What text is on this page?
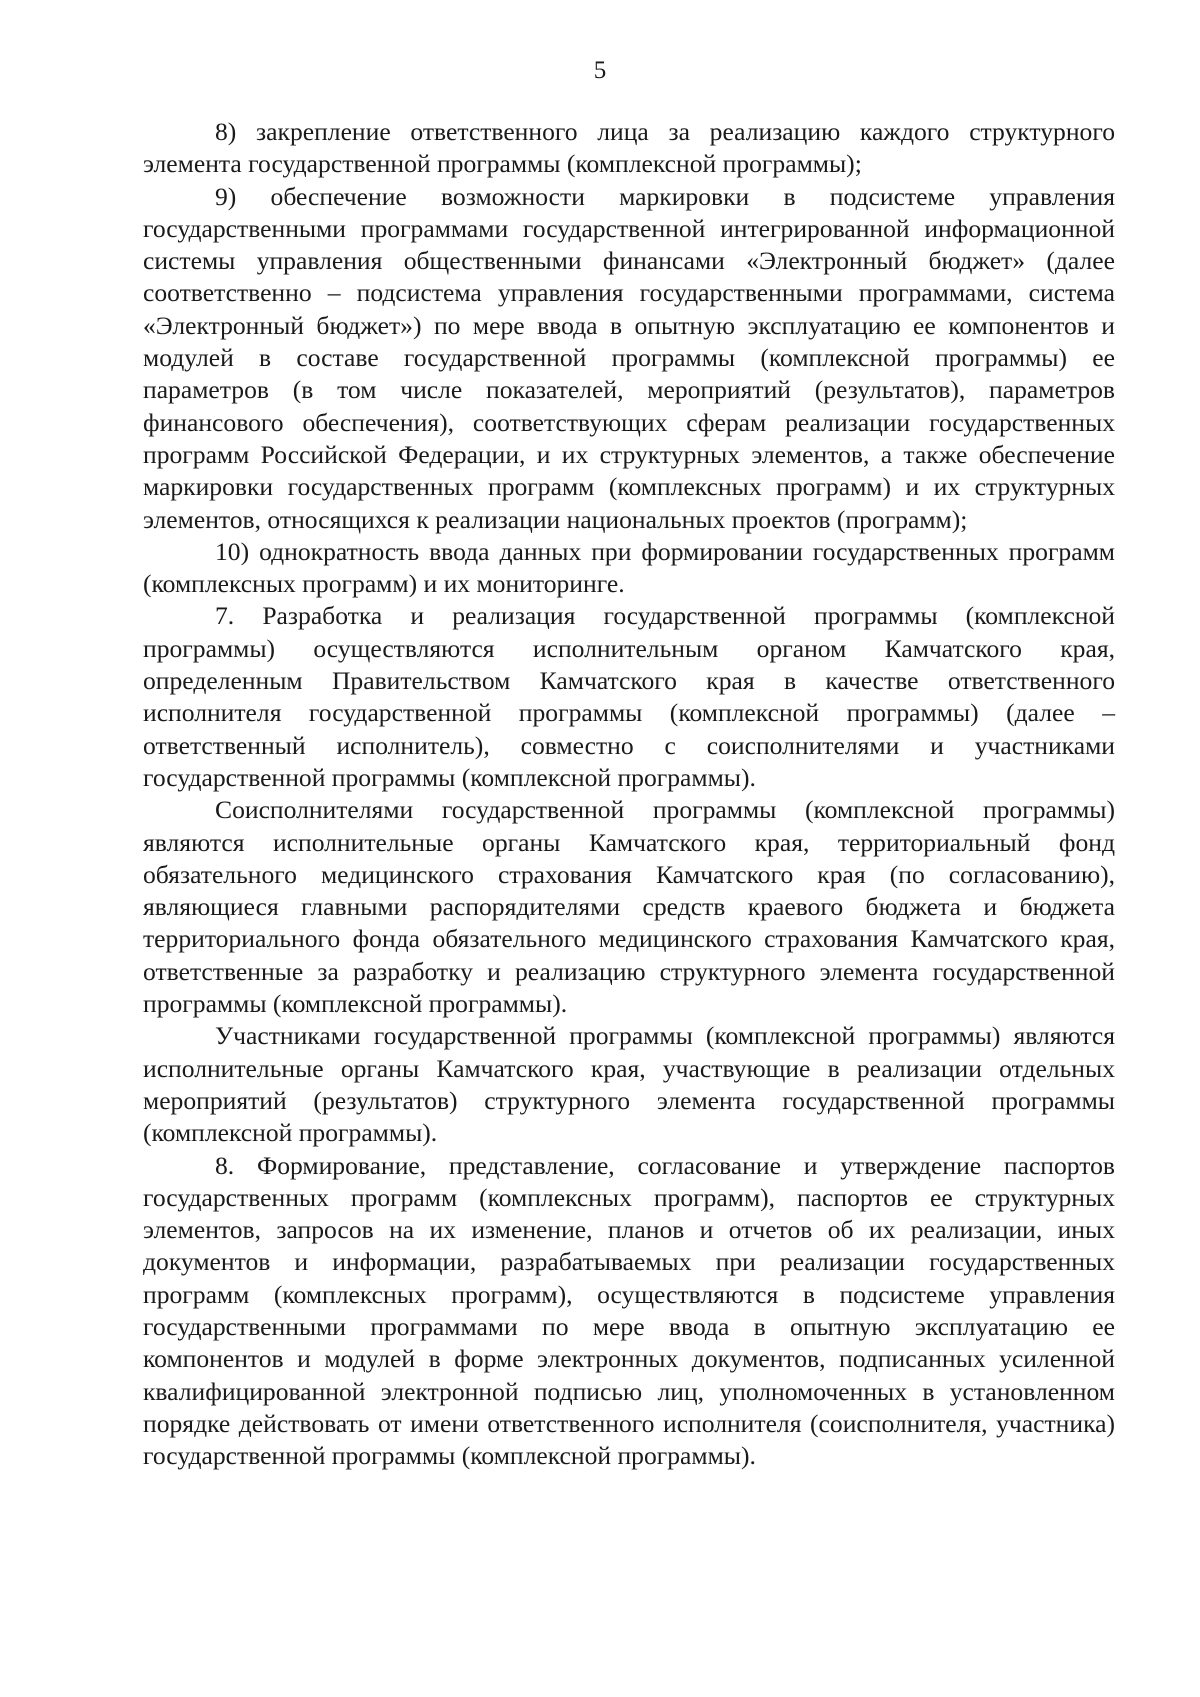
5

8) закрепление ответственного лица за реализацию каждого структурного элемента государственной программы (комплексной программы);

9) обеспечение возможности маркировки в подсистеме управления государственными программами государственной интегрированной информационной системы управления общественными финансами «Электронный бюджет» (далее соответственно – подсистема управления государственными программами, система «Электронный бюджет») по мере ввода в опытную эксплуатацию ее компонентов и модулей в составе государственной программы (комплексной программы) ее параметров (в том числе показателей, мероприятий (результатов), параметров финансового обеспечения), соответствующих сферам реализации государственных программ Российской Федерации, и их структурных элементов, а также обеспечение маркировки государственных программ (комплексных программ) и их структурных элементов, относящихся к реализации национальных проектов (программ);

10) однократность ввода данных при формировании государственных программ (комплексных программ) и их мониторинге.

7. Разработка и реализация государственной программы (комплексной программы) осуществляются исполнительным органом Камчатского края, определенным Правительством Камчатского края в качестве ответственного исполнителя государственной программы (комплексной программы) (далее – ответственный исполнитель), совместно с соисполнителями и участниками государственной программы (комплексной программы).

Соисполнителями государственной программы (комплексной программы) являются исполнительные органы Камчатского края, территориальный фонд обязательного медицинского страхования Камчатского края (по согласованию), являющиеся главными распорядителями средств краевого бюджета и бюджета территориального фонда обязательного медицинского страхования Камчатского края, ответственные за разработку и реализацию структурного элемента государственной программы (комплексной программы).

Участниками государственной программы (комплексной программы) являются исполнительные органы Камчатского края, участвующие в реализации отдельных мероприятий (результатов) структурного элемента государственной программы (комплексной программы).

8. Формирование, представление, согласование и утверждение паспортов государственных программ (комплексных программ), паспортов ее структурных элементов, запросов на их изменение, планов и отчетов об их реализации, иных документов и информации, разрабатываемых при реализации государственных программ (комплексных программ), осуществляются в подсистеме управления государственными программами по мере ввода в опытную эксплуатацию ее компонентов и модулей в форме электронных документов, подписанных усиленной квалифицированной электронной подписью лиц, уполномоченных в установленном порядке действовать от имени ответственного исполнителя (соисполнителя, участника) государственной программы (комплексной программы).
